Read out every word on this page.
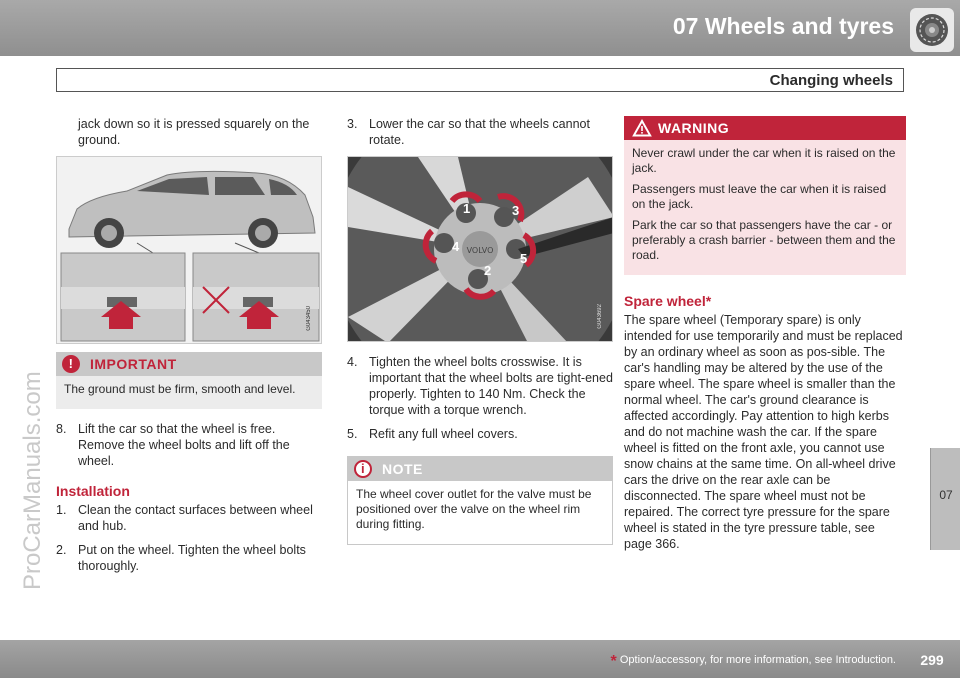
07 Wheels and tyres
Changing wheels
07
ProCarManuals.com

jack down so it is pressed squarely on the ground.

G043450
!	IMPORTANT

The ground must be firm, smooth and level.

8. Lift the car so that the wheel is free. Remove the wheel bolts and lift off the wheel.
Installation
1. Clean the contact surfaces between wheel and hub.
2. Put on the wheel. Tighten the wheel bolts thoroughly.
3. Lower the car so that the wheels cannot rotate.
VOLVO
1	3
4
5
2
G043692
4. Tighten the wheel bolts crosswise. It is important that the wheel bolts are tight-ened properly. Tighten to 140 Nm. Check the torque with a torque wrench.
5. Refit any full wheel covers.
i	NOTE

The wheel cover outlet for the valve must be positioned over the valve on the wheel rim during fitting.

WARNING

Never crawl under the car when it is raised on the jack.

Passengers must leave the car when it is raised on the jack.

Park the car so that passengers have the car - or preferably a crash barrier - between them and the road.

Spare wheel*

The spare wheel (Temporary spare) is only intended for use temporarily and must be replaced by an ordinary wheel as soon as pos-sible. The car's handling may be altered by the use of the spare wheel. The spare wheel is smaller than the normal wheel. The car's ground clearance is affected accordingly. Pay attention to high kerbs and do not machine wash the car. If the spare wheel is fitted on the front axle, you cannot use snow chains at the same time. On all-wheel drive cars the drive on the rear axle can be disconnected. The spare wheel must not be repaired. The correct tyre pressure for the spare wheel is stated in the tyre pressure table, see page 366.

* Option/accessory, for more information, see Introduction.	299
